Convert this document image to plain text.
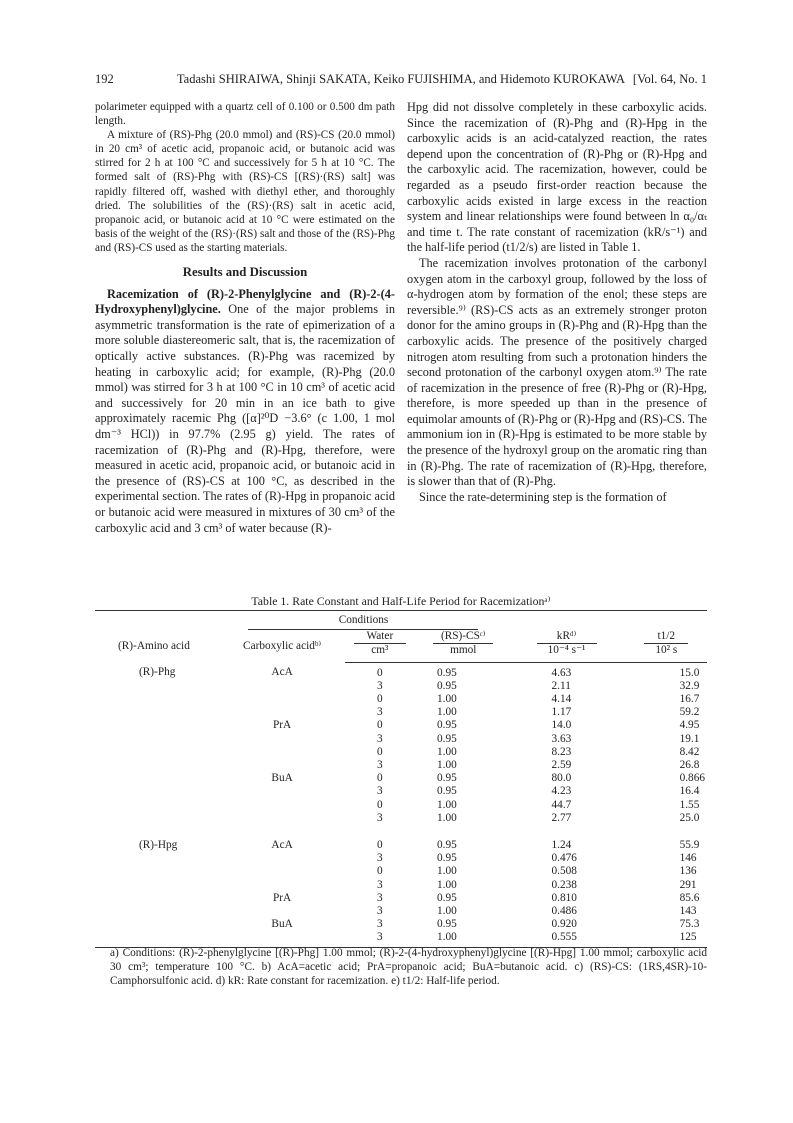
192	Tadashi SHIRAIWA, Shinji SAKATA, Keiko FUJISHIMA, and Hidemoto KUROKAWA [Vol. 64, No. 1

polarimeter equipped with a quartz cell of 0.100 or 0.500 dm path length.

A mixture of (RS)-Phg (20.0 mmol) and (RS)-CS (20.0 mmol) in 20 cm³ of acetic acid, propanoic acid, or butanoic acid was stirred for 2 h at 100 °C and successively for 5 h at 10 °C. The formed salt of (RS)-Phg with (RS)-CS [(RS)·(RS) salt] was rapidly filtered off, washed with diethyl ether, and thoroughly dried. The solubilities of the (RS)·(RS) salt in acetic acid, propanoic acid, or butanoic acid at 10 °C were estimated on the basis of the weight of the (RS)·(RS) salt and those of the (RS)-Phg and (RS)-CS used as the starting materials.

Results and Discussion

Racemization of (R)-2-Phenylglycine and (R)-2-(4-Hydroxyphenyl)glycine. One of the major problems in asymmetric transformation is the rate of epimerization of a more soluble diastereomeric salt, that is, the racemization of optically active substances. (R)-Phg was racemized by heating in carboxylic acid; for example, (R)-Phg (20.0 mmol) was stirred for 3 h at 100 °C in 10 cm³ of acetic acid and successively for 20 min in an ice bath to give approximately racemic Phg ([α]²⁰D −3.6° (c 1.00, 1 mol dm⁻³ HCl)) in 97.7% (2.95 g) yield. The rates of racemization of (R)-Phg and (R)-Hpg, therefore, were measured in acetic acid, propanoic acid, or butanoic acid in the presence of (RS)-CS at 100 °C, as described in the experimental section. The rates of (R)-Hpg in propanoic acid or butanoic acid were measured in mixtures of 30 cm³ of the carboxylic acid and 3 cm³ of water because (R)-

Hpg did not dissolve completely in these carboxylic acids. Since the racemization of (R)-Phg and (R)-Hpg in the carboxylic acids is an acid-catalyzed reaction, the rates depend upon the concentration of (R)-Phg or (R)-Hpg and the carboxylic acid. The racemization, however, could be regarded as a pseudo first-order reaction because the carboxylic acids existed in large excess in the reaction system and linear relationships were found between ln α₀/αₜ and time t. The rate constant of racemization (kR/s⁻¹) and the half-life period (t1/2/s) are listed in Table 1.

The racemization involves protonation of the carbonyl oxygen atom in the carboxyl group, followed by the loss of α-hydrogen atom by formation of the enol; these steps are reversible.⁹⁾ (RS)-CS acts as an extremely stronger proton donor for the amino groups in (R)-Phg and (R)-Hpg than the carboxylic acids. The presence of the positively charged nitrogen atom resulting from such a protonation hinders the second protonation of the carbonyl oxygen atom.⁹⁾ The rate of racemization in the presence of free (R)-Phg or (R)-Hpg, therefore, is more speeded up than in the presence of equimolar amounts of (R)-Phg or (R)-Hpg and (RS)-CS. The ammonium ion in (R)-Hpg is estimated to be more stable by the presence of the hydroxyl group on the aromatic ring than in (R)-Phg. The rate of racemization of (R)-Hpg, therefore, is slower than that of (R)-Phg.

Since the rate-determining step is the formation of

Table 1. Rate Constant and Half-Life Period for Racemizationᵃ⁾
	Conditions				
(R)-Amino acid	Carboxylic acidᵇ⁾	Water	(RS)-CSᶜ⁾	kRᵈ⁾	t1/2
		cm³	mmol	10⁻⁴ s⁻¹	10² s
(R)-Phg	AcA	0	0.95	4.63	15.0
		3	0.95	2.11	32.9
		0	1.00	4.14	16.7
		3	1.00	1.17	59.2
	PrA	0	0.95	14.0	4.95
		3	0.95	3.63	19.1
		0	1.00	8.23	8.42
		3	1.00	2.59	26.8
	BuA	0	0.95	80.0	0.866
		3	0.95	4.23	16.4
		0	1.00	44.7	1.55
		3	1.00	2.77	25.0
(R)-Hpg	AcA	0	0.95	1.24	55.9
		3	0.95	0.476	146
		0	1.00	0.508	136
		3	1.00	0.238	291
	PrA	3	0.95	0.810	85.6
		3	1.00	0.486	143
	BuA	3	0.95	0.920	75.3
		3	1.00	0.555	125
a) Conditions: (R)-2-phenylglycine [(R)-Phg] 1.00 mmol; (R)-2-(4-hydroxyphenyl)glycine [(R)-Hpg] 1.00 mmol; carboxylic acid 30 cm³; temperature 100 °C. b) AcA=acetic acid; PrA=propanoic acid; BuA=butanoic acid. c) (RS)-CS: (1RS,4SR)-10-Camphorsulfonic acid. d) kR: Rate constant for racemization. e) t1/2: Half-life period.
